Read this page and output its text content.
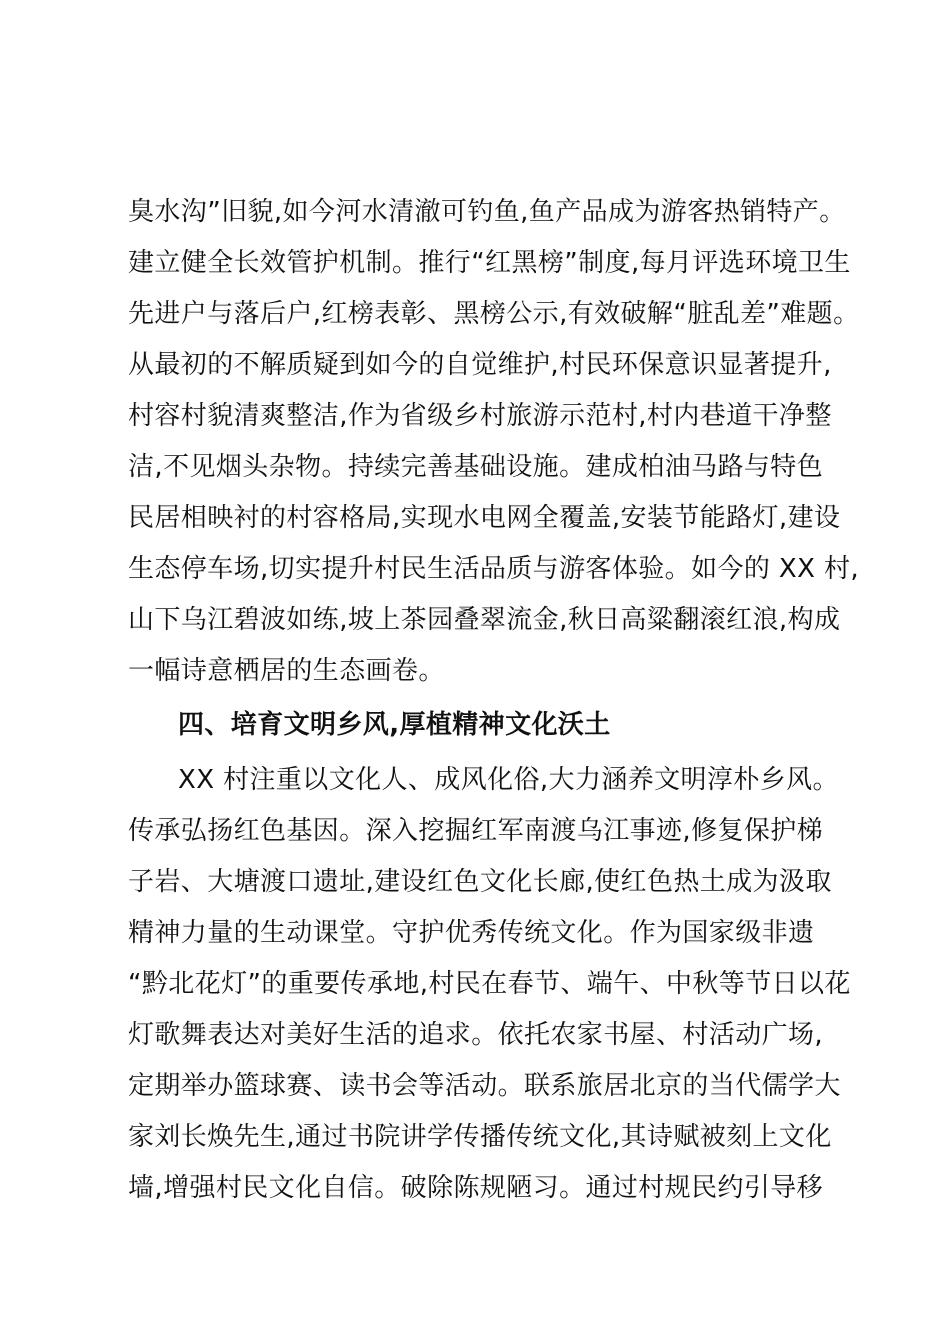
臭水沟”旧貌,如今河水清澈可钓鱼,鱼产品成为游客热销特产。
建立健全长效管护机制。推行“红黑榜”制度,每月评选环境卫生
先进户与落后户,红榜表彰、黑榜公示,有效破解“脏乱差”难题。
从最初的不解质疑到如今的自觉维护,村民环保意识显著提升,
村容村貌清爽整洁,作为省级乡村旅游示范村,村内巷道干净整
洁,不见烟头杂物。持续完善基础设施。建成柏油马路与特色
民居相映衬的村容格局,实现水电网全覆盖,安装节能路灯,建设
生态停车场,切实提升村民生活品质与游客体验。如今的 XX 村,
山下乌江碧波如练,坡上茶园叠翠流金,秋日高粱翻滚红浪,构成
一幅诗意栖居的生态画卷。
四、培育文明乡风,厚植精神文化沃土
XX 村注重以文化人、成风化俗,大力涵养文明淳朴乡风。
传承弘扬红色基因。深入挖掘红军南渡乌江事迹,修复保护梯
子岩、大塘渡口遗址,建设红色文化长廊,使红色热土成为汲取
精神力量的生动课堂。守护优秀传统文化。作为国家级非遗
“黔北花灯”的重要传承地,村民在春节、端午、中秋等节日以花
灯歌舞表达对美好生活的追求。依托农家书屋、村活动广场,
定期举办篮球赛、读书会等活动。联系旅居北京的当代儒学大
家刘长焕先生,通过书院讲学传播传统文化,其诗赋被刻上文化
墙,增强村民文化自信。破除陈规陋习。通过村规民约引导移
